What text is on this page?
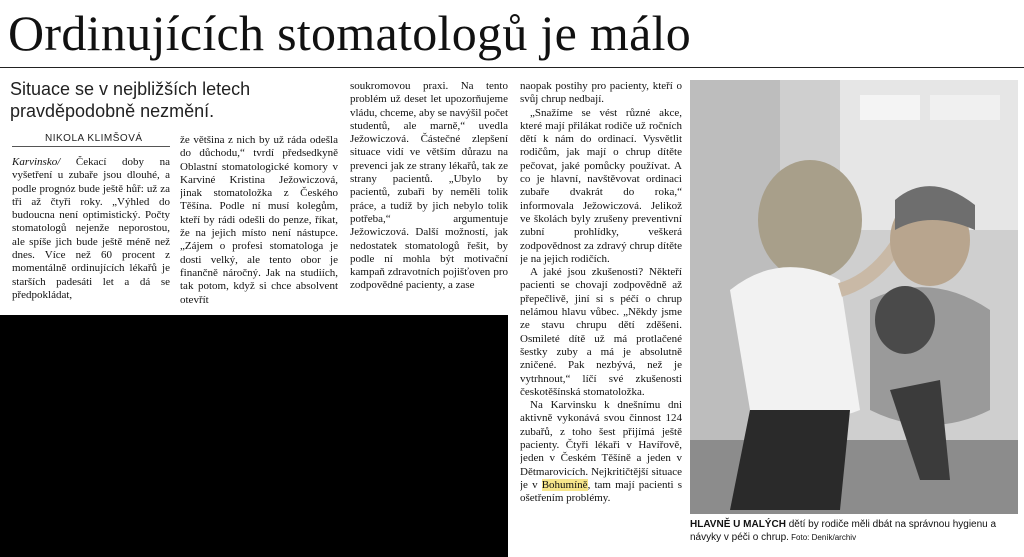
Ordinujících stomatologů je málo
Situace se v nejbližších letech pravděpodobně nezmění.
NIKOLA KLIMŠOVÁ

Karvinsko/ Čekací doby na vyšetření u zubaře jsou dlouhé, a podle prognóz bude ještě hůř: už za tři až čtyři roky. „Výhled do budoucna není optimistický. Počty stomatologů nejenže neporostou, ale spíše jich bude ještě méně než dnes. Více než 60 procent z momentálně ordinujících lékařů je starších padesáti let a dá se předpokládat,

že většina z nich by už ráda odešla do důchodu,“ tvrdí předsedkyně Oblastní stomatologické komory v Karviné Kristina Ježowiczová, jinak stomatoložka z Českého Těšína. Podle ní musí kolegům, kteří by rádi odešli do penze, říkat, že na jejich místo není nástupce. „Zájem o profesi stomatologa je dosti velký, ale tento obor je finančně náročný. Jak na studiích, tak potom, když si chce absolvent otevřít

soukromovou praxi. Na tento problém už deset let upozorňujeme vládu, chceme, aby se navýšil počet studentů, ale marně,“ uvedla Ježowiczová. Částečné zlepšení situace vidí ve větším důrazu na prevenci jak ze strany lékařů, tak ze strany pacientů. „Ubylo by pacientů, zubaři by neměli tolik práce, a tudíž by jich nebylo tolik potřeba,“ argumentuje Ježowiczová. Další možností, jak nedostatek stomatologů řešit, by podle ní mohla být motivační kampaň zdravotních pojišťoven pro zodpovědné pacienty, a zase

naopak postihy pro pacienty, kteří o svůj chrup nedbají.

„Snažíme se vést různé akce, které mají přilákat rodiče už ročních dětí k nám do ordinací. Vysvětlit rodičům, jak mají o chrup dítěte pečovat, jaké pomůcky používat. A co je hlavní, navštěvovat ordinaci zubaře dvakrát do roka,“ informovala Ježowiczová. Jelikož ve školách byly zrušeny preventivní zubní prohlídky, veškerá zodpovědnost za zdravý chrup dítěte je na jejich rodičích.

A jaké jsou zkušenosti? Někteří pacienti se chovají zodpovědně až přepečlivě, jiní si s péčí o chrup nelámou hlavu vůbec. „Někdy jsme ze stavu chrupu dětí zděšeni. Osmileté dítě už má protlačené šestky zuby a má je absolutně zničené. Pak nezbývá, než je vytrhnout,“ líčí své zkušenosti českotěšínská stomatoložka.

Na Karvinsku k dnešnímu dni aktivně vykonává svou činnost 124 zubařů, z toho šest přijímá ještě pacienty. Čtyři lékaři v Havířově, jeden v Českém Těšíně a jeden v Dětmarovicích. Nejkritičtější situace je v Bohumíně, tam mají pacienti s ošetřením problémy.

HLAVNĚ U MALÝCH dětí by rodiče měli dbát na správnou hygienu a návyky v péči o chrup. Foto: Deník/archiv
